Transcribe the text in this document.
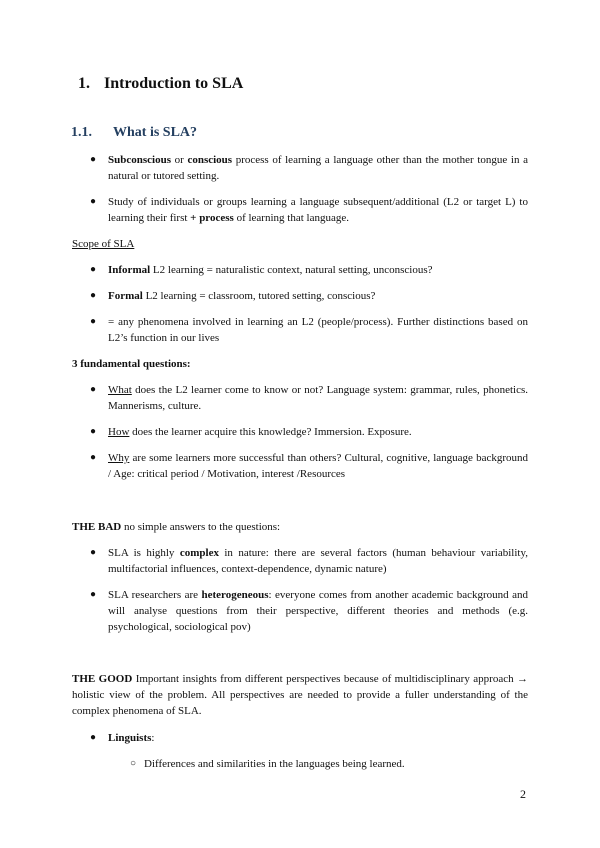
1. Introduction to SLA
1.1. What is SLA?
● Subconscious or conscious process of learning a language other than the mother tongue in a natural or tutored setting.
● Study of individuals or groups learning a language subsequent/additional (L2 or target L) to learning their first + process of learning that language.
Scope of SLA
● Informal L2 learning = naturalistic context, natural setting, unconscious?
● Formal L2 learning = classroom, tutored setting, conscious?
● = any phenomena involved in learning an L2 (people/process). Further distinctions based on L2’s function in our lives
3 fundamental questions:
● What does the L2 learner come to know or not? Language system: grammar, rules, phonetics. Mannerisms, culture.
● How does the learner acquire this knowledge? Immersion. Exposure.
● Why are some learners more successful than others? Cultural, cognitive, language background / Age: critical period / Motivation, interest /Resources
THE BAD no simple answers to the questions:
● SLA is highly complex in nature: there are several factors (human behaviour variability, multifactorial influences, context-dependence, dynamic nature)
● SLA researchers are heterogeneous: everyone comes from another academic background and will analyse questions from their perspective, different theories and methods (e.g. psychological, sociological pov)
THE GOOD Important insights from different perspectives because of multidisciplinary approach → holistic view of the problem. All perspectives are needed to provide a fuller understanding of the complex phenomena of SLA.
● Linguists:
○ Differences and similarities in the languages being learned.
2
